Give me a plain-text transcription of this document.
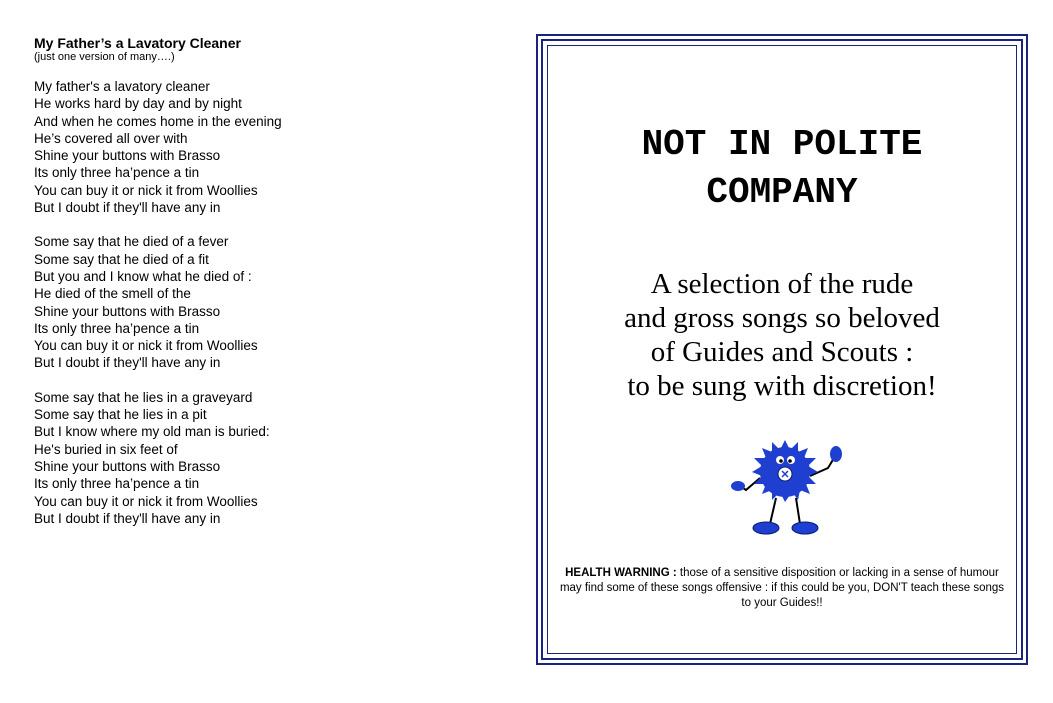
My Father’s a Lavatory Cleaner
(just one version of many….)
My father's a lavatory cleaner
He works hard by day and by night
And when he comes home in the evening
He’s covered all over with
Shine your buttons with Brasso
Its only three ha’pence a tin
You can buy it or nick it from Woollies
But I doubt if they'll have any in
Some say that he died of a fever
Some say that he died of a fit
But you and I know what he died of :
He died of the smell of the
Shine your buttons with Brasso
Its only three ha’pence a tin
You can buy it or nick it from Woollies
But I doubt if they'll have any in
Some say that he lies in a graveyard
Some say that he lies in a pit
But I know where my old man is buried:
He's buried in six feet of
Shine your buttons with Brasso
Its only three ha’pence a tin
You can buy it or nick it from Woollies
But I doubt if they'll have any in
NOT IN POLITE
COMPANY
A selection of the rude
and gross songs so beloved
of Guides and Scouts :
to be sung with discretion!
HEALTH WARNING : those of a sensitive disposition or lacking in a sense of humour may find some of these songs offensive : if this could be you, DON'T teach these songs to your Guides!!
